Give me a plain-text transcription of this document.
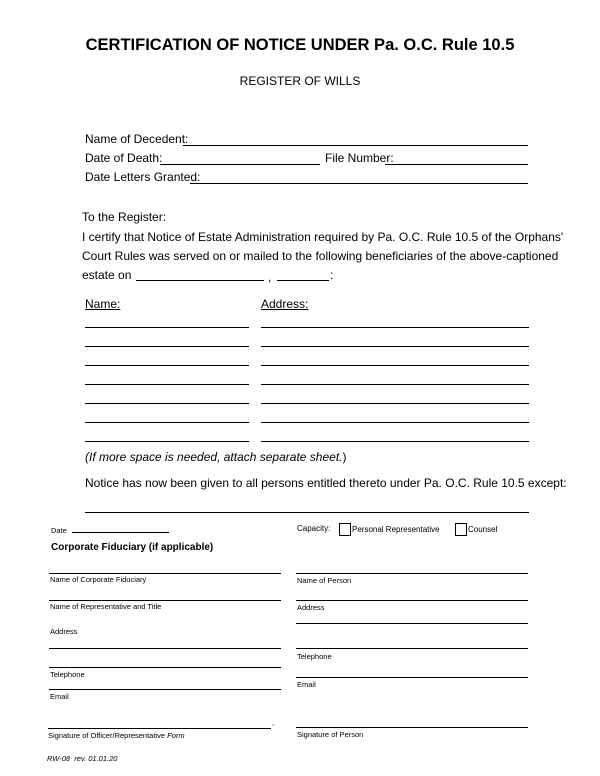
CERTIFICATION OF NOTICE UNDER Pa. O.C. Rule 10.5
REGISTER OF WILLS
Name of Decedent:
Date of Death:	File Number:
Date Letters Granted:
To the Register:
I certify that Notice of Estate Administration required by Pa. O.C. Rule 10.5 of the Orphans'
Court Rules was served on or mailed to the following beneficiaries of the above-captioned
estate on	,	:
Name:	Address:
(If more space is needed, attach separate sheet.)
Notice has now been given to all persons entitled thereto under Pa. O.C. Rule 10.5 except:
Date
Corporate Fiduciary (if applicable)
Name of Corporate Fiduciary
Name of Representative and Title
Address
Telephone
Email
,
Signature of Officer/Representative Form
Capacity:	Personal Representative	Counsel
Name of Person
Address
Telephone
Email
Signature of Person
RW-08  rev. 01.01.20
